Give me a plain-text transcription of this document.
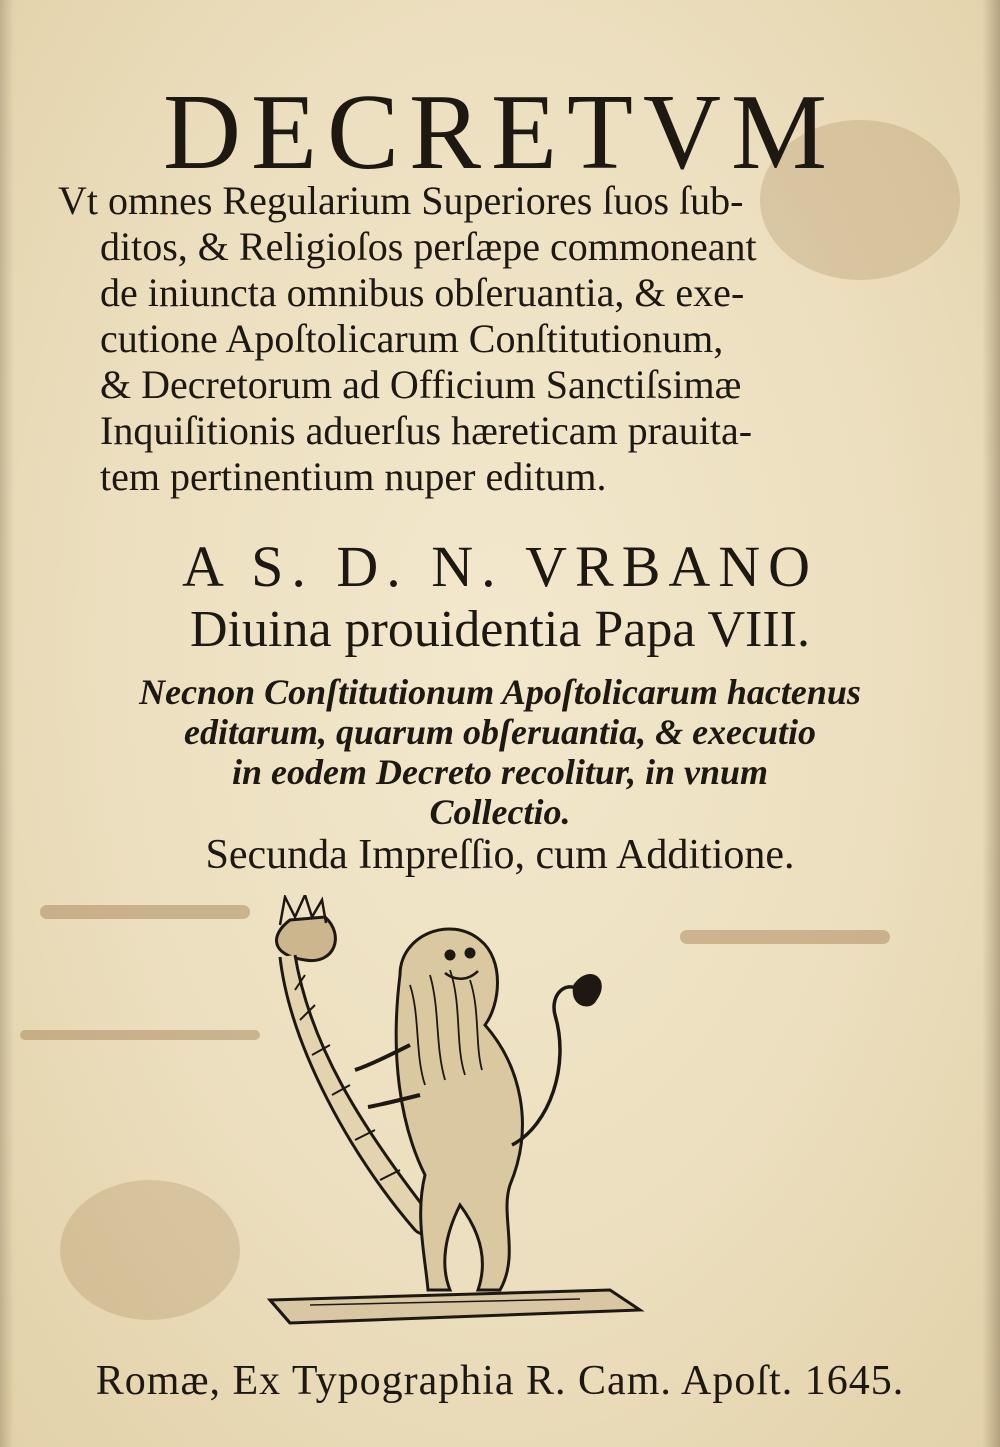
DECRETVM
Vt omnes Regularium Superiores ſuos ſub-
ditos, & Religioſos perſæpe commoneant
de iniuncta omnibus obſeruantia, & exe-
cutione Apoſtolicarum Conſtitutionum,
& Decretorum ad Officium Sanctiſsimæ
Inquiſitionis aduerſus hæreticam prauita-
tem pertinentium nuper editum.
A S. D. N. VRBANO
Diuina prouidentia Papa VIII.
Necnon Conſtitutionum Apoſtolicarum hactenus
editarum, quarum obſeruantia, & executio
in eodem Decreto recolitur, in vnum
Collectio.
Secunda Impreſſio, cum Additione.
Romæ, Ex Typographia R. Cam. Apoſt. 1645.
